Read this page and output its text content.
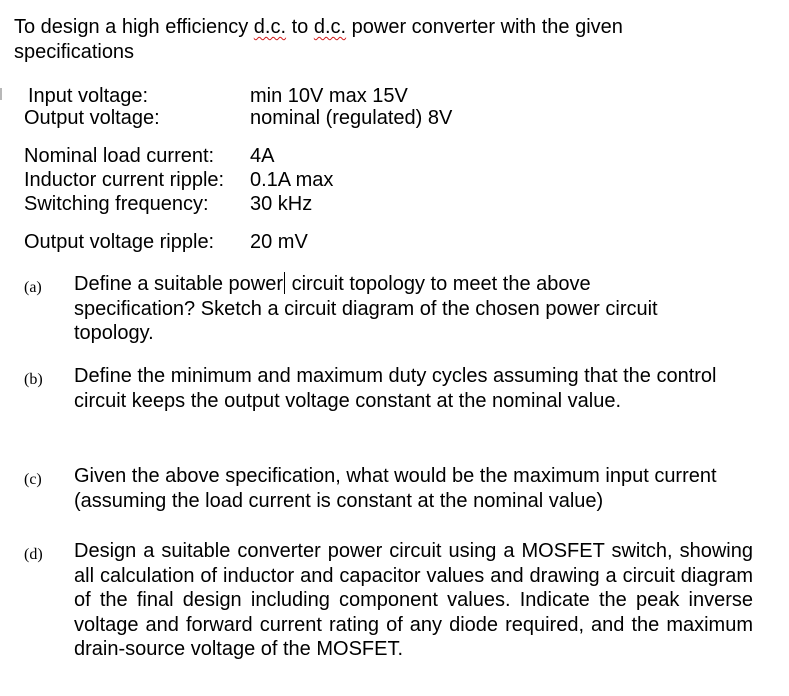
To design a high efficiency d.c. to d.c. power converter with the given
specifications
Input voltage:	min 10V max 15V
Output voltage:	nominal (regulated) 8V
Nominal load current: 4A
Inductor current ripple: 0.1A max
Switching frequency: 30 kHz
Output voltage ripple: 20 mV
(a) Define a suitable power circuit topology to meet the above specification? Sketch a circuit diagram of the chosen power circuit topology.
(b) Define the minimum and maximum duty cycles assuming that the control circuit keeps the output voltage constant at the nominal value.
(c) Given the above specification, what would be the maximum input current (assuming the load current is constant at the nominal value)
(d) Design a suitable converter power circuit using a MOSFET switch, showing all calculation of inductor and capacitor values and drawing a circuit diagram of the final design including component values. Indicate the peak inverse voltage and forward current rating of any diode required, and the maximum drain-source voltage of the MOSFET.
